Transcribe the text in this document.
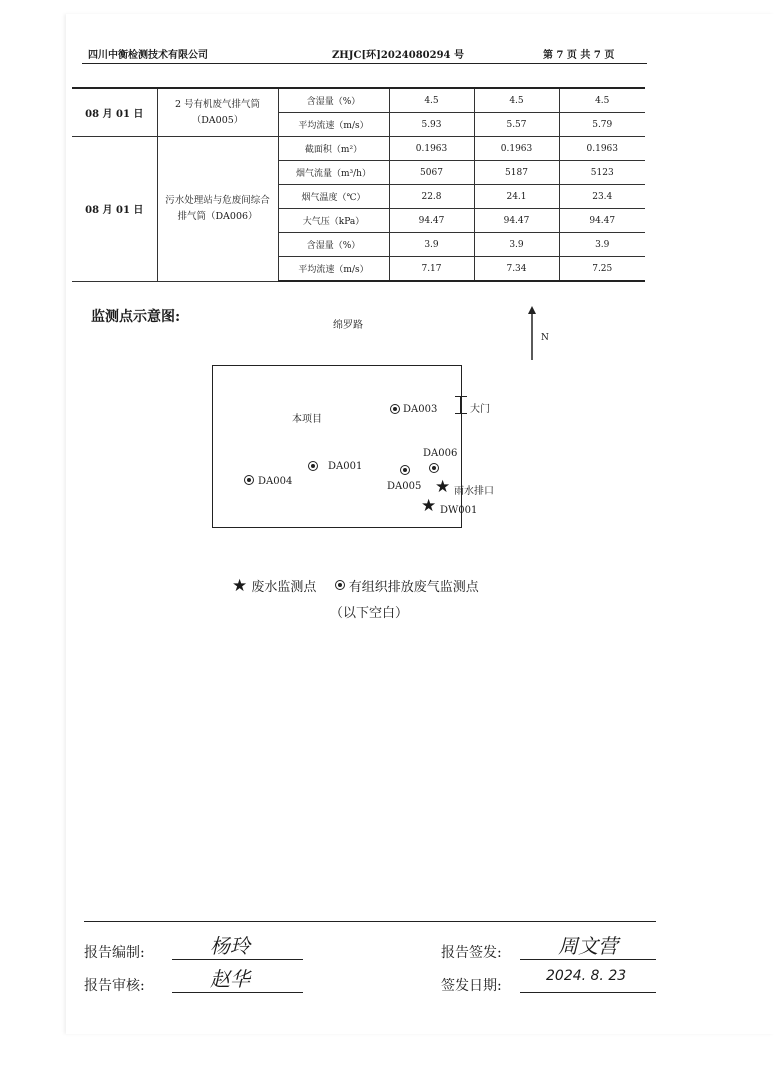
四川中衡检测技术有限公司	ZHJC[环]2024080294 号	第 7 页 共 7 页
08 月 01 日	2 号有机废气排气筒（DA005）	含湿量（%）	4.5	4.5	4.5
		平均流速（m/s）	5.93	5.57	5.79
08 月 01 日	污水处理站与危废间综合排气筒（DA006）	截面积（m²）	0.1963	0.1963	0.1963
		烟气流量（m³/h）	5067	5187	5123
		烟气温度（℃）	22.8	24.1	23.4
		大气压（kPa）	94.47	94.47	94.47
		含湿量（%）	3.9	3.9	3.9
		平均流速（m/s）	7.17	7.34	7.25
监测点示意图:
绵罗路
N
本项目
大门
DA003
DA006
DA005
DA001
DA004	★ 雨水排口
★ DW001
★ 废水监测点 有组织排放废气监测点
（以下空白）
报告编制:	杨玲
报告审核:	赵华
报告签发:	周文营
签发日期:
2024. 8. 23
